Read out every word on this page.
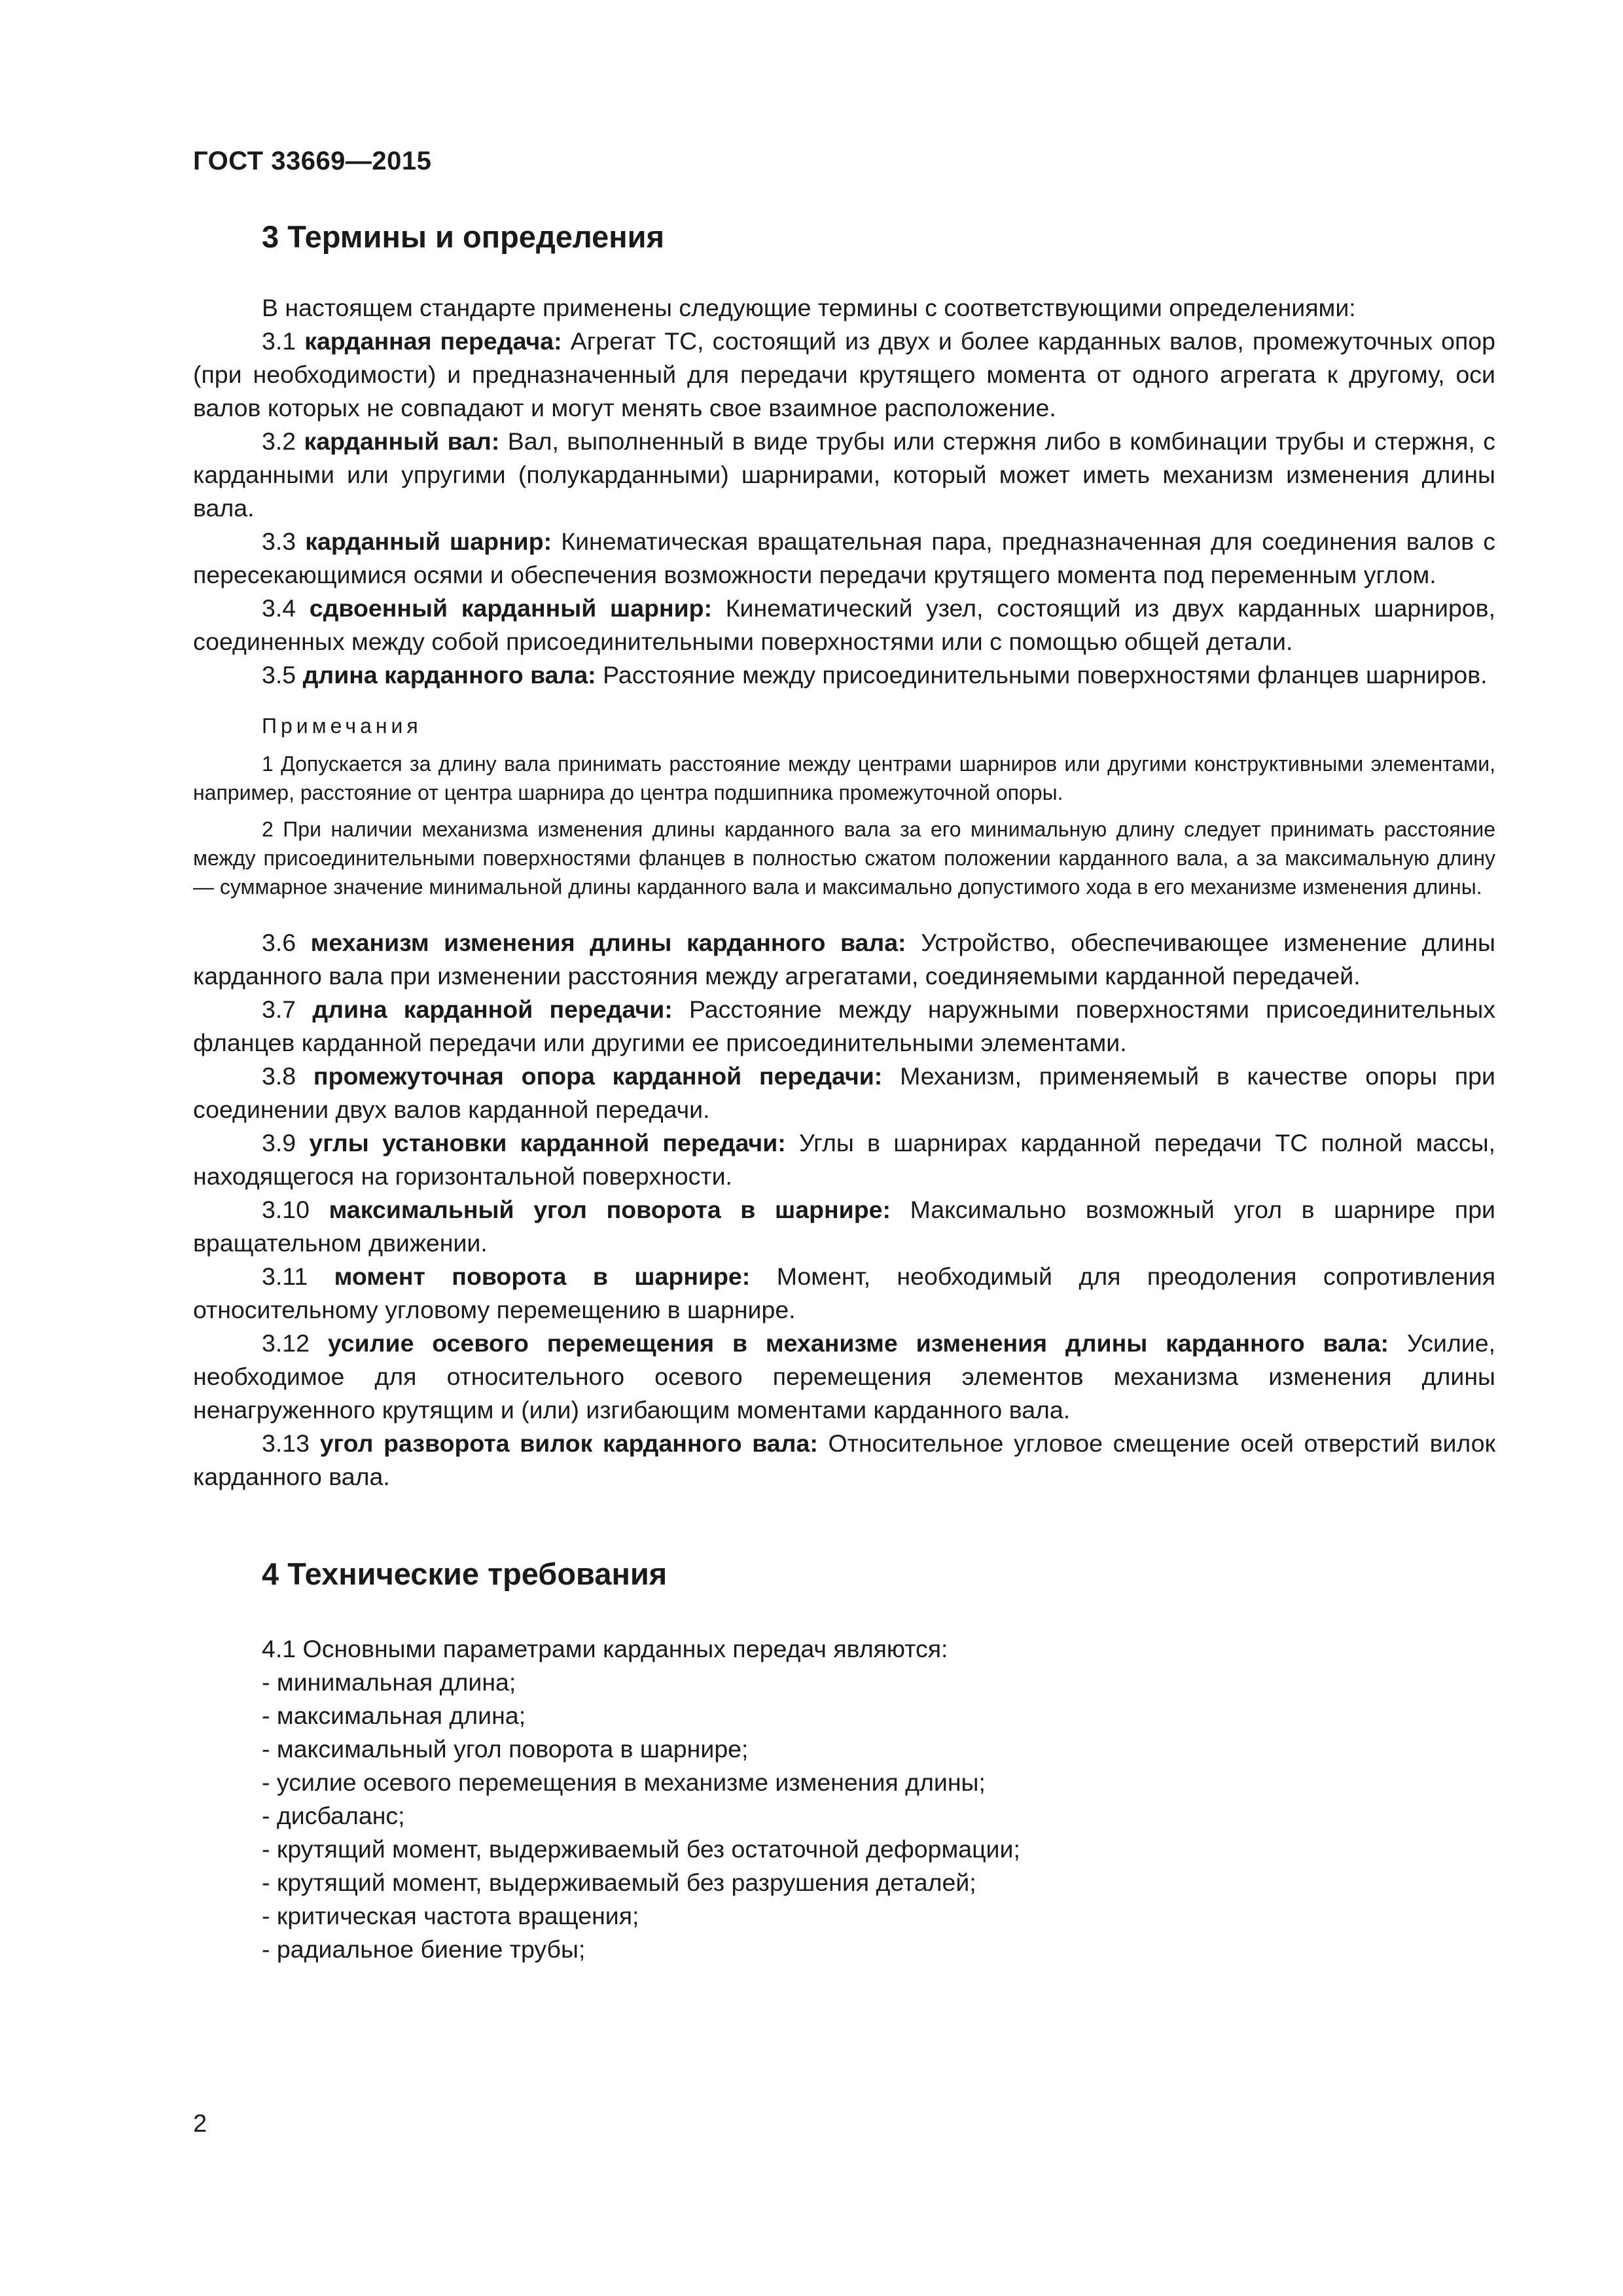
ГОСТ 33669—2015
3 Термины и определения

В настоящем стандарте применены следующие термины с соответствующими определениями:

3.1 карданная передача: Агрегат ТС, состоящий из двух и более карданных валов, промежуточных опор (при необходимости) и предназначенный для передачи крутящего момента от одного агрегата к другому, оси валов которых не совпадают и могут менять свое взаимное расположение.

3.2 карданный вал: Вал, выполненный в виде трубы или стержня либо в комбинации трубы и стержня, с карданными или упругими (полукарданными) шарнирами, который может иметь механизм изменения длины вала.

3.3 карданный шарнир: Кинематическая вращательная пара, предназначенная для соединения валов с пересекающимися осями и обеспечения возможности передачи крутящего момента под переменным углом.

3.4 сдвоенный карданный шарнир: Кинематический узел, состоящий из двух карданных шарниров, соединенных между собой присоединительными поверхностями или с помощью общей детали.

3.5 длина карданного вала: Расстояние между присоединительными поверхностями фланцев шарниров.

Примечания

1 Допускается за длину вала принимать расстояние между центрами шарниров или другими конструктивными элементами, например, расстояние от центра шарнира до центра подшипника промежуточной опоры.

2 При наличии механизма изменения длины карданного вала за его минимальную длину следует принимать расстояние между присоединительными поверхностями фланцев в полностью сжатом положении карданного вала, а за максимальную длину — суммарное значение минимальной длины карданного вала и максимально допустимого хода в его механизме изменения длины.

3.6 механизм изменения длины карданного вала: Устройство, обеспечивающее изменение длины карданного вала при изменении расстояния между агрегатами, соединяемыми карданной передачей.

3.7 длина карданной передачи: Расстояние между наружными поверхностями присоединительных фланцев карданной передачи или другими ее присоединительными элементами.

3.8 промежуточная опора карданной передачи: Механизм, применяемый в качестве опоры при соединении двух валов карданной передачи.

3.9 углы установки карданной передачи: Углы в шарнирах карданной передачи ТС полной массы, находящегося на горизонтальной поверхности.

3.10 максимальный угол поворота в шарнире: Максимально возможный угол в шарнире при вращательном движении.

3.11 момент поворота в шарнире: Момент, необходимый для преодоления сопротивления относительному угловому перемещению в шарнире.

3.12 усилие осевого перемещения в механизме изменения длины карданного вала: Усилие, необходимое для относительного осевого перемещения элементов механизма изменения длины ненагруженного крутящим и (или) изгибающим моментами карданного вала.

3.13 угол разворота вилок карданного вала: Относительное угловое смещение осей отверстий вилок карданного вала.

4 Технические требования

4.1 Основными параметрами карданных передач являются:

- минимальная длина;
- максимальная длина;
- максимальный угол поворота в шарнире;
- усилие осевого перемещения в механизме изменения длины;
- дисбаланс;
- крутящий момент, выдерживаемый без остаточной деформации;
- крутящий момент, выдерживаемый без разрушения деталей;
- критическая частота вращения;
- радиальное биение трубы;
2
